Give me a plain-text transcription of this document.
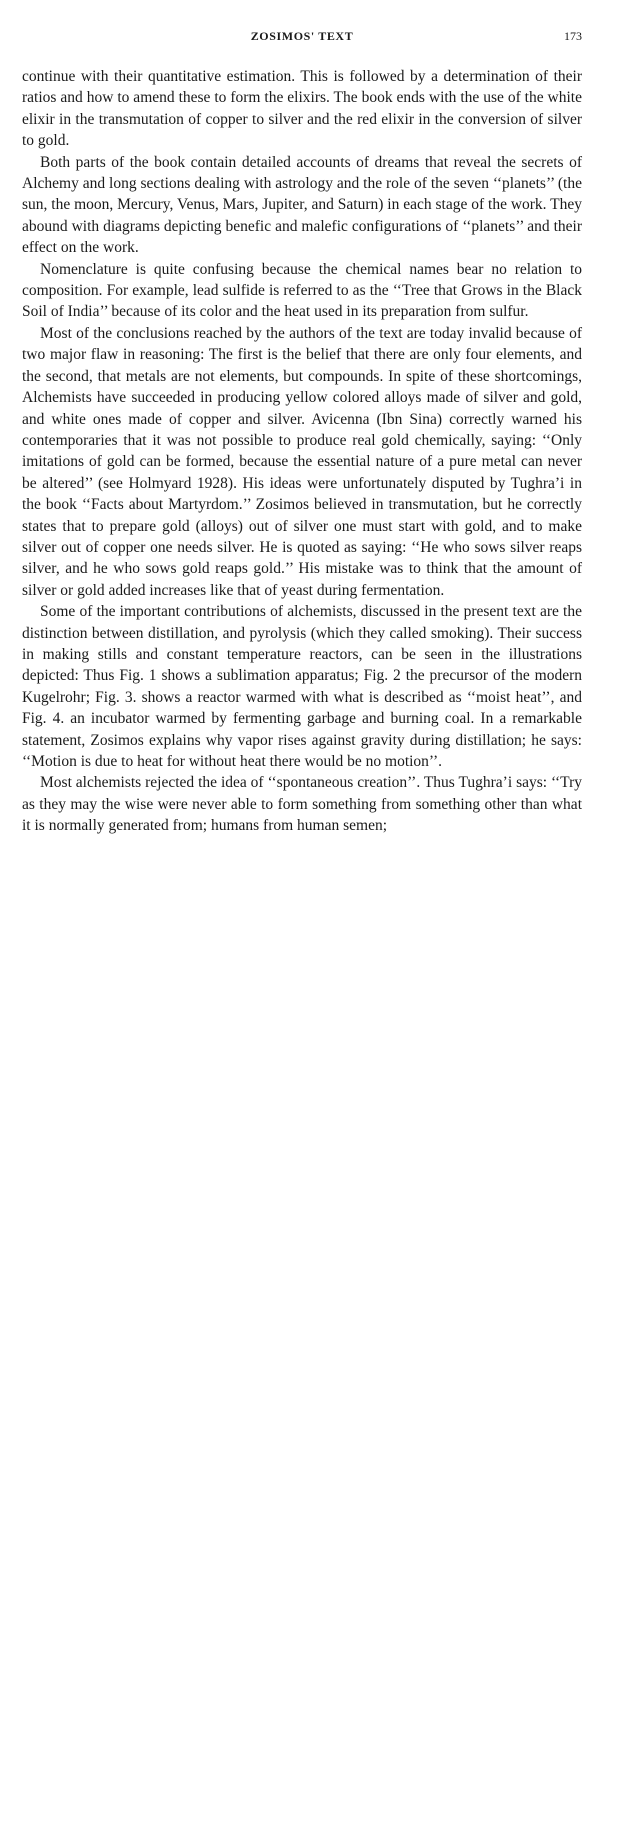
ZOSIMOS' TEXT	173

continue with their quantitative estimation. This is followed by a determination of their ratios and how to amend these to form the elixirs. The book ends with the use of the white elixir in the transmutation of copper to silver and the red elixir in the conversion of silver to gold.

Both parts of the book contain detailed accounts of dreams that reveal the secrets of Alchemy and long sections dealing with astrology and the role of the seven ‘‘planets’’ (the sun, the moon, Mercury, Venus, Mars, Jupiter, and Saturn) in each stage of the work. They abound with diagrams depicting benefic and malefic configurations of ‘‘planets’’ and their effect on the work.

Nomenclature is quite confusing because the chemical names bear no relation to composition. For example, lead sulfide is referred to as the ‘‘Tree that Grows in the Black Soil of India’’ because of its color and the heat used in its preparation from sulfur.

Most of the conclusions reached by the authors of the text are today invalid because of two major flaw in reasoning: The first is the belief that there are only four elements, and the second, that metals are not elements, but compounds. In spite of these shortcomings, Alchemists have succeeded in producing yellow colored alloys made of silver and gold, and white ones made of copper and silver. Avicenna (Ibn Sina) correctly warned his contemporaries that it was not possible to produce real gold chemically, saying: ‘‘Only imitations of gold can be formed, because the essential nature of a pure metal can never be altered’’ (see Holmyard 1928). His ideas were unfortunately disputed by Tughra’i in the book ‘‘Facts about Martyrdom.’’ Zosimos believed in transmutation, but he correctly states that to prepare gold (alloys) out of silver one must start with gold, and to make silver out of copper one needs silver. He is quoted as saying: ‘‘He who sows silver reaps silver, and he who sows gold reaps gold.’’ His mistake was to think that the amount of silver or gold added increases like that of yeast during fermentation.

Some of the important contributions of alchemists, discussed in the present text are the distinction between distillation, and pyrolysis (which they called smoking). Their success in making stills and constant temperature reactors, can be seen in the illustrations depicted: Thus Fig. 1 shows a sublimation apparatus; Fig. 2 the precursor of the modern Kugelrohr; Fig. 3. shows a reactor warmed with what is described as ‘‘moist heat’’, and Fig. 4. an incubator warmed by fermenting garbage and burning coal. In a remarkable statement, Zosimos explains why vapor rises against gravity during distillation; he says: ‘‘Motion is due to heat for without heat there would be no motion’’.

Most alchemists rejected the idea of ‘‘spontaneous creation’’. Thus Tughra’i says: ‘‘Try as they may the wise were never able to form something from something other than what it is normally generated from; humans from human semen;
